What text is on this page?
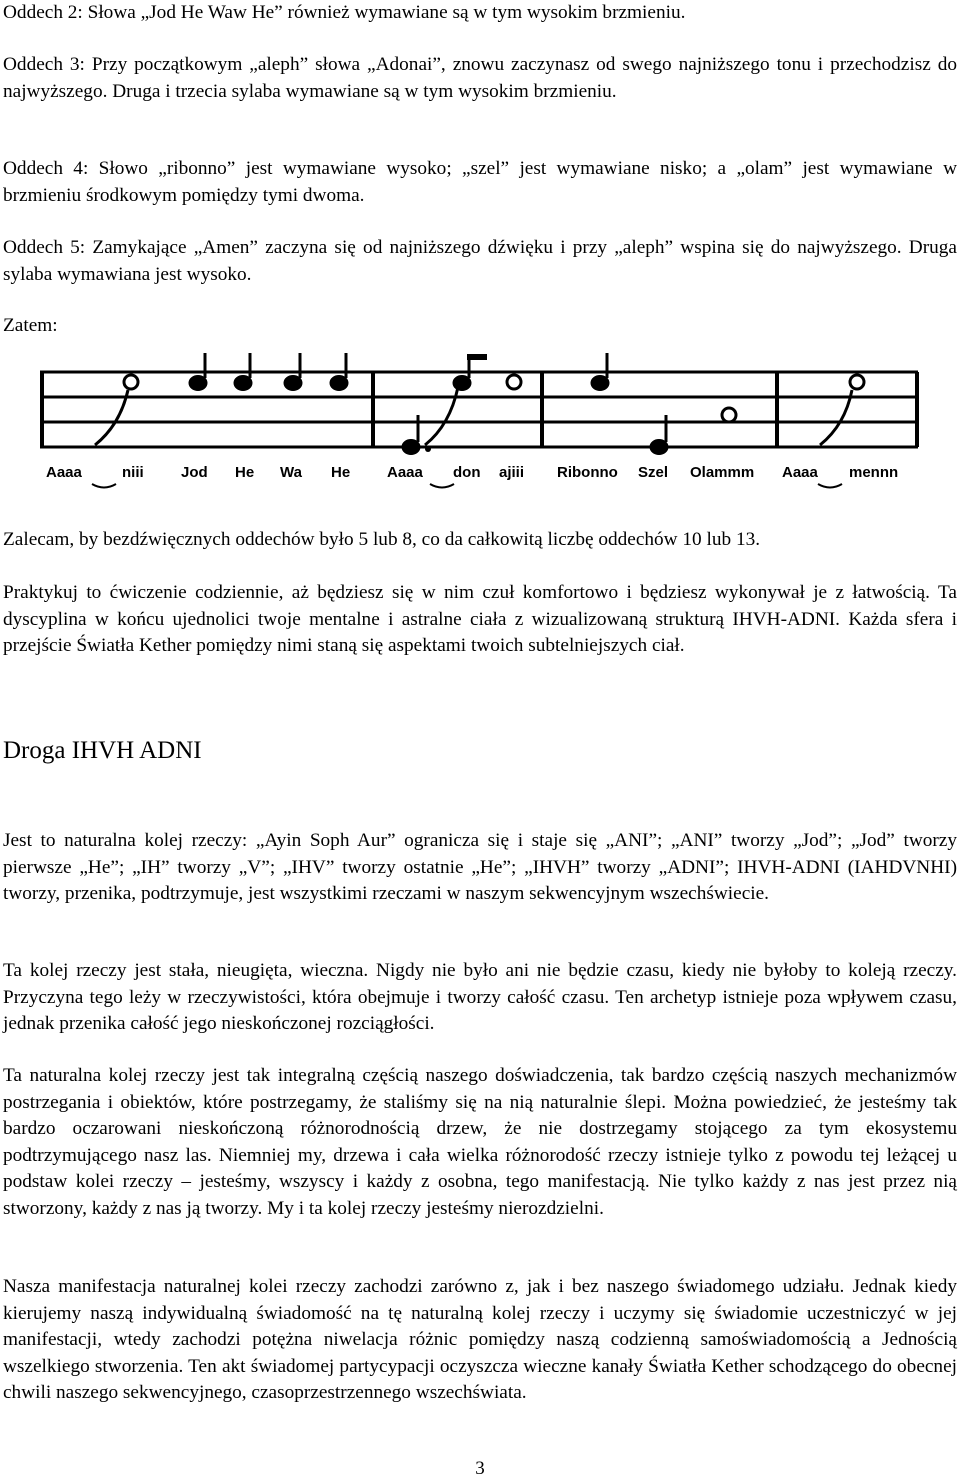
Oddech 2: Słowa „Jod He Waw He” również wymawiane są w tym wysokim brzmieniu.

Oddech 3: Przy początkowym „aleph” słowa „Adonai”, znowu zaczynasz od swego najniższego tonu i przechodzisz do najwyższego. Druga i trzecia sylaba wymawiane są w tym wysokim brzmieniu.

Oddech 4: Słowo „ribonno” jest wymawiane wysoko; „szel” jest wymawiane nisko; a „olam” jest wymawiane w brzmieniu środkowym pomiędzy tymi dwoma.

Oddech 5: Zamykające „Amen” zaczyna się od najniższego dźwięku i przy „aleph” wspina się do najwyższego. Druga sylaba wymawiana jest wysoko.

Zatem:

Aaaa	niii Jod He Wa He Aaaa don ajiii Ribonno Szel Olammm Aaaa mennn

Zalecam, by bezdźwięcznych oddechów było 5 lub 8, co da całkowitą liczbę oddechów 10 lub 13.

Praktykuj to ćwiczenie codziennie, aż będziesz się w nim czuł komfortowo i będziesz wykonywał je z łatwością. Ta dyscyplina w końcu ujednolici twoje mentalne i astralne ciała z wizualizowaną strukturą IHVH-ADNI. Każda sfera i przejście Światła Kether pomiędzy nimi staną się aspektami twoich subtelniejszych ciał.

Droga IHVH ADNI

Jest to naturalna kolej rzeczy: „Ayin Soph Aur” ogranicza się i staje się „ANI”; „ANI” tworzy „Jod”; „Jod” tworzy pierwsze „He”; „IH” tworzy „V”; „IHV” tworzy ostatnie „He”; „IHVH” tworzy „ADNI”; IHVH-ADNI (IAHDVNHI) tworzy, przenika, podtrzymuje, jest wszystkimi rzeczami w naszym sekwencyjnym wszechświecie.

Ta kolej rzeczy jest stała, nieugięta, wieczna. Nigdy nie było ani nie będzie czasu, kiedy nie byłoby to koleją rzeczy. Przyczyna tego leży w rzeczywistości, która obejmuje i tworzy całość czasu. Ten archetyp istnieje poza wpływem czasu, jednak przenika całość jego nieskończonej rozciągłości.

Ta naturalna kolej rzeczy jest tak integralną częścią naszego doświadczenia, tak bardzo częścią naszych mechanizmów postrzegania i obiektów, które postrzegamy, że staliśmy się na nią naturalnie ślepi. Można powiedzieć, że jesteśmy tak bardzo oczarowani nieskończoną różnorodnością drzew, że nie dostrzegamy stojącego za tym ekosystemu podtrzymującego nasz las. Niemniej my, drzewa i cała wielka różnorodość rzeczy istnieje tylko z powodu tej leżącej u podstaw kolei rzeczy – jesteśmy, wszyscy i każdy z osobna, tego manifestacją. Nie tylko każdy z nas jest przez nią stworzony, każdy z nas ją tworzy. My i ta kolej rzeczy jesteśmy nierozdzielni.

Nasza manifestacja naturalnej kolei rzeczy zachodzi zarówno z, jak i bez naszego świadomego udziału. Jednak kiedy kierujemy naszą indywidualną świadomość na tę naturalną kolej rzeczy i uczymy się świadomie uczestniczyć w jej manifestacji, wtedy zachodzi potężna niwelacja różnic pomiędzy naszą codzienną samoświadomością a Jednością wszelkiego stworzenia. Ten akt świadomej partycypacji oczyszcza wieczne kanały Światła Kether schodzącego do obecnej chwili naszego sekwencyjnego, czasoprzestrzennego wszechświata.

3
